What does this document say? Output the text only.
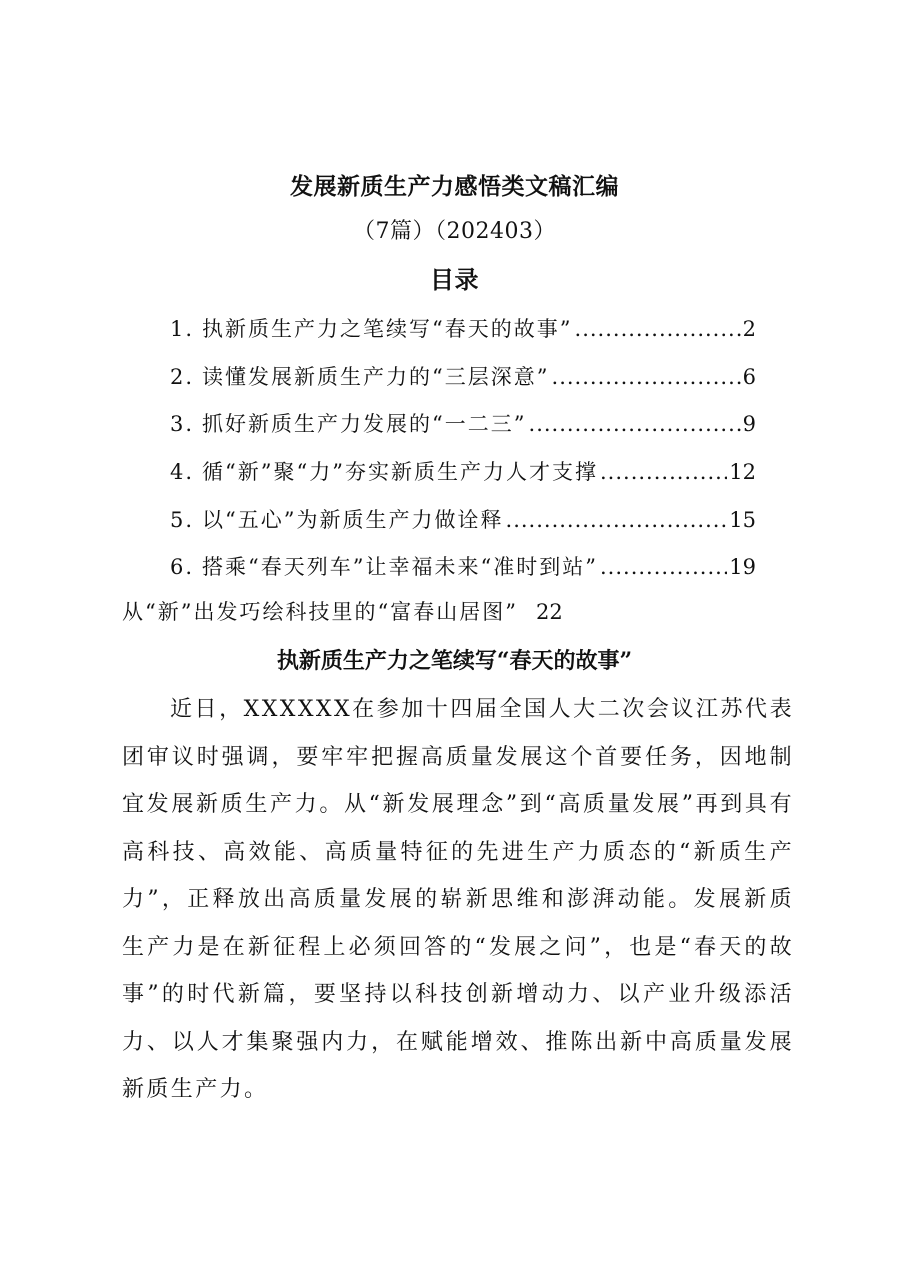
发展新质生产力感悟类文稿汇编
（7篇）（202403）
目录
1. 执新质生产力之笔续写“春天的故事” .....	2
2. 读懂发展新质生产力的“三层深意” .....	6
3. 抓好新质生产力发展的“一二三” .....	9
4. 循“新”聚“力”夯实新质生产力人才支撑 .....	12
5. 以“五心”为新质生产力做诠释 .....	15
6. 搭乘“春天列车”让幸福未来“准时到站” .....	19
从“新”出发巧绘科技里的“富春山居图” 22
执新质生产力之笔续写“春天的故事”
近日，XXXXXX在参加十四届全国人大二次会议江苏代表团审议时强调，要牢牢把握高质量发展这个首要任务，因地制宜发展新质生产力。从“新发展理念”到“高质量发展”再到具有高科技、高效能、高质量特征的先进生产力质态的“新质生产力”，正释放出高质量发展的崭新思维和澎湃动能。发展新质生产力是在新征程上必须回答的“发展之问”，也是“春天的故事”的时代新篇，要坚持以科技创新增动力、以产业升级添活力、以人才集聚强内力，在赋能增效、推陈出新中高质量发展新质生产力。
